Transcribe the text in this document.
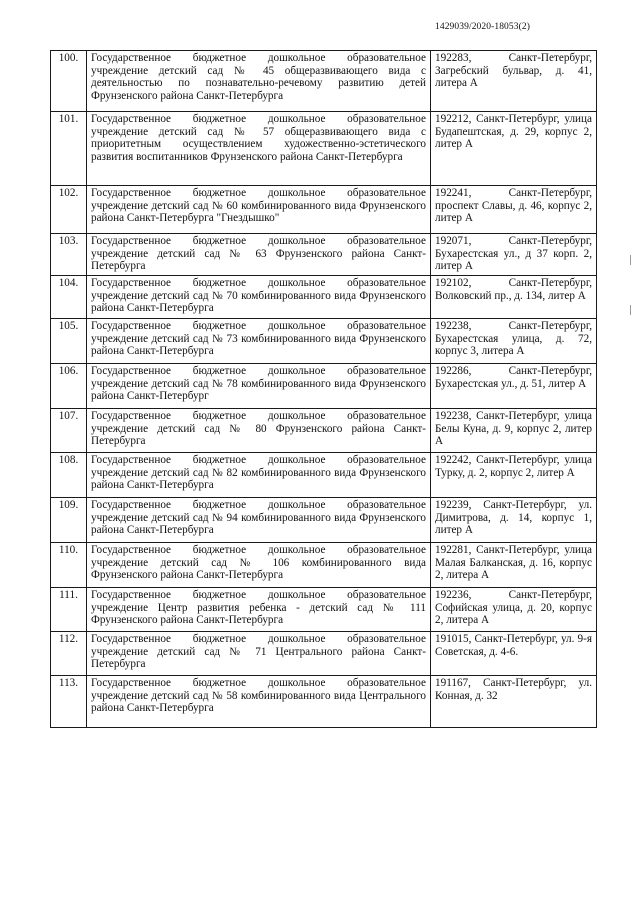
1429039/2020-18053(2)
100.	Государственное бюджетное дошкольное образовательное учреждение детский сад № 45 общеразвивающего вида с деятельностью по познавательно-речевому развитию детей Фрунзенского района Санкт-Петербурга	192283, Санкт-Петербург, Загребский бульвар, д. 41, литера А
101.	Государственное бюджетное дошкольное образовательное учреждение детский сад № 57 общеразвивающего вида с приоритетным осуществлением художественно-эстетического развития воспитанников Фрунзенского района Санкт-Петербурга	192212, Санкт-Петербург, улица Будапештская, д. 29, корпус 2, литер А
102.	Государственное бюджетное дошкольное образовательное учреждение детский сад № 60 комбинированного вида Фрунзенского района Санкт-Петербурга "Гнездышко"	192241, Санкт-Петербург, проспект Славы, д. 46, корпус 2, литер А
103.	Государственное бюджетное дошкольное образовательное учреждение детский сад № 63 Фрунзенского района Санкт-Петербурга	192071, Санкт-Петербург, Бухарестская ул., д 37 корп. 2, литер А
104.	Государственное бюджетное дошкольное образовательное учреждение детский сад № 70 комбинированного вида Фрунзенского района Санкт-Петербурга	192102, Санкт-Петербург, Волковский пр., д. 134, литер А
105.	Государственное бюджетное дошкольное образовательное учреждение детский сад № 73 комбинированного вида Фрунзенского района Санкт-Петербурга	192238, Санкт-Петербург, Бухарестская улица, д. 72, корпус 3, литера А
106.	Государственное бюджетное дошкольное образовательное учреждение детский сад № 78 комбинированного вида Фрунзенского района Санкт-Петербург	192286, Санкт-Петербург, Бухарестская ул., д. 51, литер А
107.	Государственное бюджетное дошкольное образовательное учреждение детский сад № 80 Фрунзенского района Санкт-Петербурга	192238, Санкт-Петербург, улица Белы Куна, д. 9, корпус 2, литер А
108.	Государственное бюджетное дошкольное образовательное учреждение детский сад № 82 комбинированного вида Фрунзенского района Санкт-Петербурга	192242, Санкт-Петербург, улица Турку, д. 2, корпус 2, литер А
109.	Государственное бюджетное дошкольное образовательное учреждение детский сад № 94 комбинированного вида Фрунзенского района Санкт-Петербурга	192239, Санкт-Петербург, ул. Димитрова, д. 14, корпус 1, литер А
110.	Государственное бюджетное дошкольное образовательное учреждение детский сад № 106 комбинированного вида Фрунзенского района Санкт-Петербурга	192281, Санкт-Петербург, улица Малая Балканская, д. 16, корпус 2, литера А
111.	Государственное бюджетное дошкольное образовательное учреждение Центр развития ребенка - детский сад № 111 Фрунзенского района Санкт-Петербурга	192236, Санкт-Петербург, Софийская улица, д. 20, корпус 2, литера А
112.	Государственное бюджетное дошкольное образовательное учреждение детский сад № 71 Центрального района Санкт-Петербурга	191015, Санкт-Петербург, ул. 9-я Советская, д. 4-6.
113.	Государственное бюджетное дошкольное образовательное учреждение детский сад № 58 комбинированного вида Центрального района Санкт-Петербурга	191167, Санкт-Петербург, ул. Конная, д. 32
